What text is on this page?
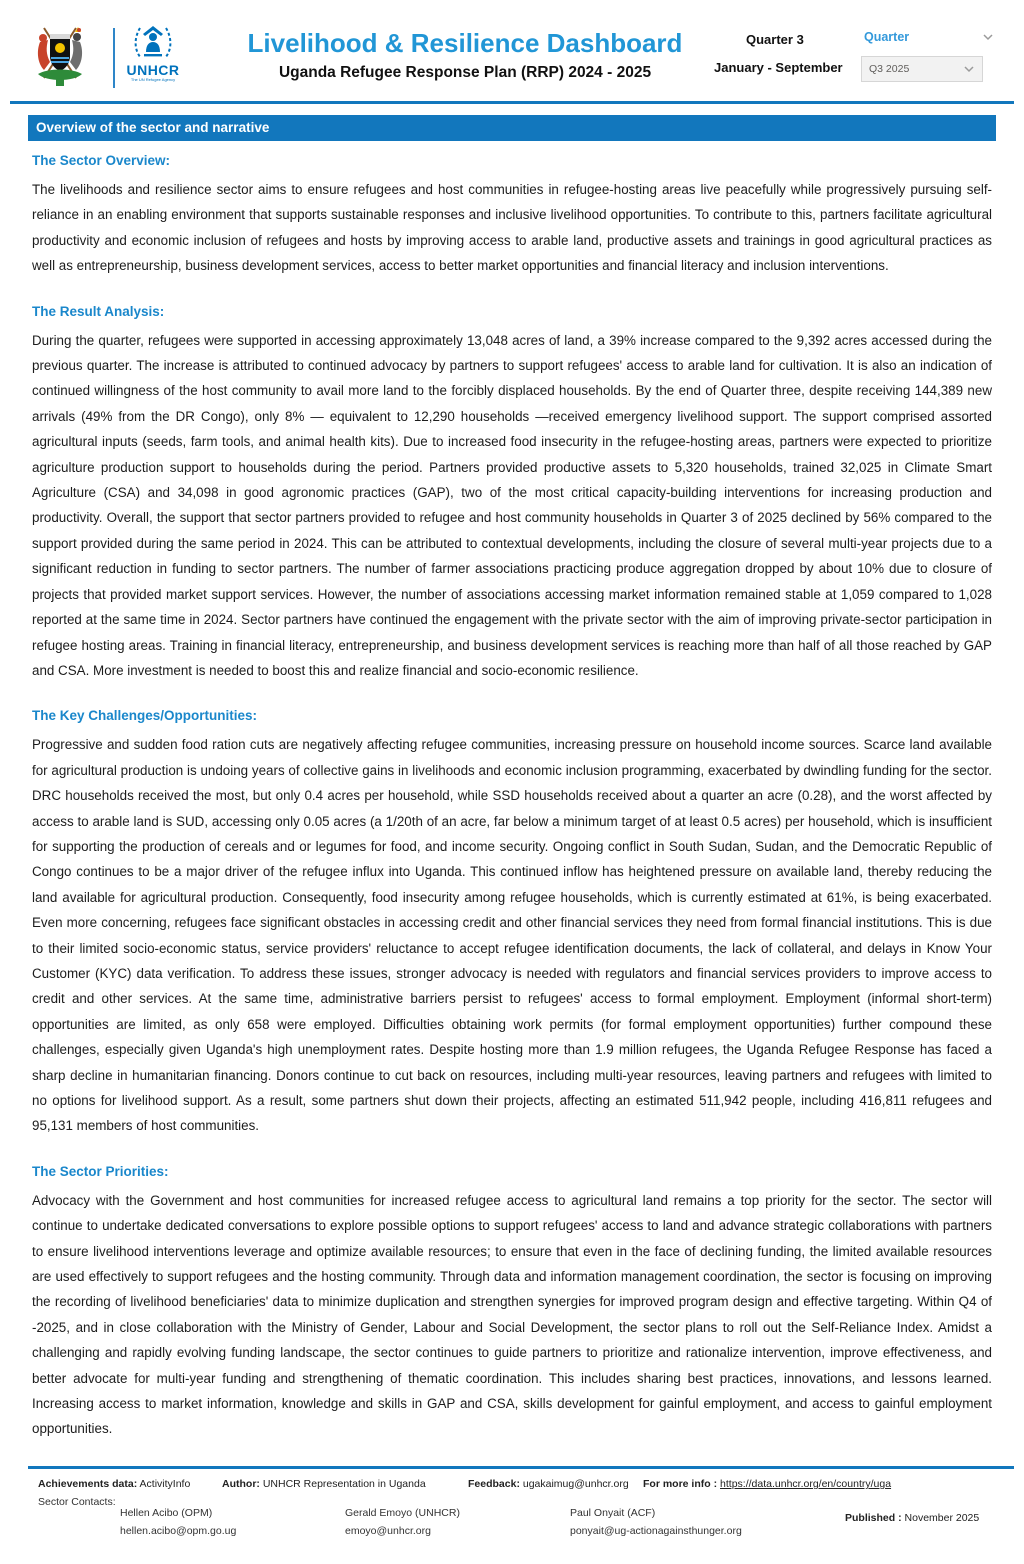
UNHCR
The UN Refugee Agency
Livelihood & Resilience Dashboard
Uganda Refugee Response Plan (RRP) 2024 - 2025
Quarter 3
January - September
Quarter
Q3 2025
Overview of the sector and narrative
The Sector Overview:
The livelihoods and resilience sector aims to ensure refugees and host communities in refugee-hosting areas live peacefully while progressively pursuing self-reliance in an enabling environment that supports sustainable responses and inclusive livelihood opportunities. To contribute to this, partners facilitate agricultural productivity and economic inclusion of refugees and hosts by improving access to arable land, productive assets and trainings in good agricultural practices as well as entrepreneurship, business development services, access to better market opportunities and financial literacy and inclusion interventions.
The Result Analysis:
During the quarter, refugees were supported in accessing approximately 13,048 acres of land, a 39% increase compared to the 9,392 acres accessed during the previous quarter. The increase is attributed to continued advocacy by partners to support refugees' access to arable land for cultivation. It is also an indication of continued willingness of the host community to avail more land to the forcibly displaced households. By the end of Quarter three, despite receiving 144,389 new arrivals (49% from the DR Congo), only 8% — equivalent to 12,290 households —received emergency livelihood support. The support comprised assorted agricultural inputs (seeds, farm tools, and animal health kits). Due to increased food insecurity in the refugee-hosting areas, partners were expected to prioritize agriculture production support to households during the period. Partners provided productive assets to 5,320 households, trained 32,025 in Climate Smart Agriculture (CSA) and 34,098 in good agronomic practices (GAP), two of the most critical capacity-building interventions for increasing production and productivity. Overall, the support that sector partners provided to refugee and host community households in Quarter 3 of 2025 declined by 56% compared to the support provided during the same period in 2024. This can be attributed to contextual developments, including the closure of several multi-year projects due to a significant reduction in funding to sector partners. The number of farmer associations practicing produce aggregation dropped by about 10% due to closure of projects that provided market support services. However, the number of associations accessing market information remained stable at 1,059 compared to 1,028 reported at the same time in 2024. Sector partners have continued the engagement with the private sector with the aim of improving private-sector participation in refugee hosting areas. Training in financial literacy, entrepreneurship, and business development services is reaching more than half of all those reached by GAP and CSA. More investment is needed to boost this and realize financial and socio-economic resilience.
The Key Challenges/Opportunities:
Progressive and sudden food ration cuts are negatively affecting refugee communities, increasing pressure on household income sources. Scarce land available for agricultural production is undoing years of collective gains in livelihoods and economic inclusion programming, exacerbated by dwindling funding for the sector. DRC households received the most, but only 0.4 acres per household, while SSD households received about a quarter an acre (0.28), and the worst affected by access to arable land is SUD, accessing only 0.05 acres (a 1/20th of an acre, far below a minimum target of at least 0.5 acres) per household, which is insufficient for supporting the production of cereals and or legumes for food, and income security. Ongoing conflict in South Sudan, Sudan, and the Democratic Republic of Congo continues to be a major driver of the refugee influx into Uganda. This continued inflow has heightened pressure on available land, thereby reducing the land available for agricultural production. Consequently, food insecurity among refugee households, which is currently estimated at 61%, is being exacerbated. Even more concerning, refugees face significant obstacles in accessing credit and other financial services they need from formal financial institutions. This is due to their limited socio-economic status, service providers' reluctance to accept refugee identification documents, the lack of collateral, and delays in Know Your Customer (KYC) data verification. To address these issues, stronger advocacy is needed with regulators and financial services providers to improve access to credit and other services. At the same time, administrative barriers persist to refugees' access to formal employment. Employment (informal short-term) opportunities are limited, as only 658 were employed. Difficulties obtaining work permits (for formal employment opportunities) further compound these challenges, especially given Uganda's high unemployment rates. Despite hosting more than 1.9 million refugees, the Uganda Refugee Response has faced a sharp decline in humanitarian financing. Donors continue to cut back on resources, including multi-year resources, leaving partners and refugees with limited to no options for livelihood support. As a result, some partners shut down their projects, affecting an estimated 511,942 people, including 416,811 refugees and 95,131 members of host communities.
The Sector Priorities:
Advocacy with the Government and host communities for increased refugee access to agricultural land remains a top priority for the sector. The sector will continue to undertake dedicated conversations to explore possible options to support refugees' access to land and advance strategic collaborations with partners to ensure livelihood interventions leverage and optimize available resources; to ensure that even in the face of declining funding, the limited available resources are used effectively to support refugees and the hosting community. Through data and information management coordination, the sector is focusing on improving the recording of livelihood beneficiaries' data to minimize duplication and strengthen synergies for improved program design and effective targeting. Within Q4 of -2025, and in close collaboration with the Ministry of Gender, Labour and Social Development, the sector plans to roll out the Self-Reliance Index. Amidst a challenging and rapidly evolving funding landscape, the sector continues to guide partners to prioritize and rationalize intervention, improve effectiveness, and better advocate for multi-year funding and strengthening of thematic coordination. This includes sharing best practices, innovations, and lessons learned. Increasing access to market information, knowledge and skills in GAP and CSA, skills development for gainful employment, and access to gainful employment opportunities.
Achievements data: ActivityInfo	Author: UNHCR Representation in Uganda	Feedback: ugakaimug@unhcr.org For more info : https://data.unhcr.org/en/country/uga
Sector Contacts:
Hellen Acibo (OPM)
hellen.acibo@opm.go.ug
Gerald Emoyo (UNHCR)
emoyo@unhcr.org
Paul Onyait (ACF)
ponyait@ug-actionagainsthunger.org
Published : November 2025
